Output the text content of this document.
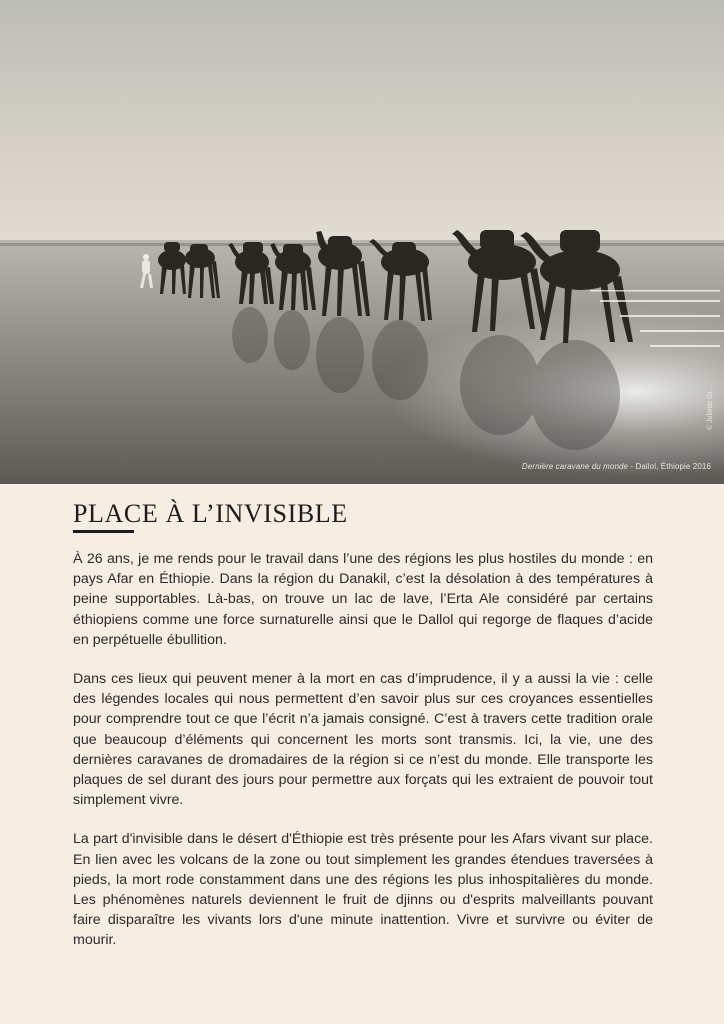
Dernière caravane du monde - Dallol, Éthiopie 2016
© Juliette Gl...
PLACE À L’INVISIBLE

À 26 ans, je me rends pour le travail dans l’une des régions les plus hostiles du monde : en pays Afar en Éthiopie. Dans la région du Danakil, c’est la désolation à des températures à peine supportables. Là-bas, on trouve un lac de lave, l’Erta Ale considéré par certains éthiopiens comme une force surnaturelle ainsi que le Dallol qui regorge de flaques d’acide en perpétuelle ébullition.

Dans ces lieux qui peuvent mener à la mort en cas d’imprudence, il y a aussi la vie : celle des légendes locales qui nous permettent d’en savoir plus sur ces croyances essentielles pour comprendre tout ce que l’écrit n’a jamais consigné. C’est à travers cette tradition orale que beaucoup d’éléments qui concernent les morts sont transmis. Ici, la vie, une des dernières caravanes de dromadaires de la région si ce n’est du monde. Elle transporte les plaques de sel durant des jours pour permettre aux forçats qui les extraient de pouvoir tout simplement vivre.

La part d'invisible dans le désert d'Éthiopie est très présente pour les Afars vivant sur place. En lien avec les volcans de la zone ou tout simplement les grandes étendues traversées à pieds, la mort rode constamment dans une des régions les plus inhospitalières du monde. Les phénomènes naturels deviennent le fruit de djinns ou d'esprits malveillants pouvant faire disparaître les vivants lors d'une minute inattention. Vivre et survivre ou éviter de mourir.
